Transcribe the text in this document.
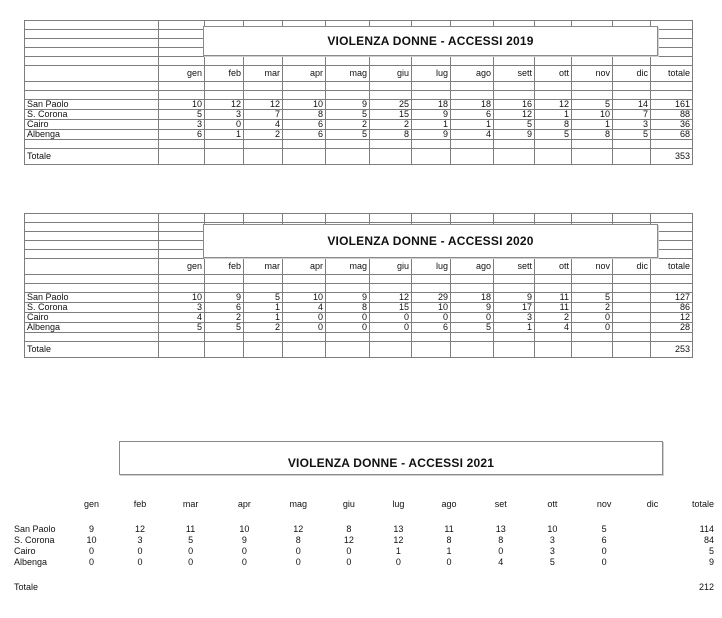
	gen	feb	mar	apr	mag	giu	lug	ago	sett	ott	nov	dic	totale

San Paolo	10	12	12	10	9	25	18	18	16	12	5	14	161
S. Corona	5	3	7	8	5	15	9	6	12	1	10	7	88
Cairo	3	0	4	6	2	2	1	1	5	8	1	3	36
Albenga	6	1	2	6	5	8	9	4	9	5	8	5	68

Totale													353
VIOLENZA DONNE - ACCESSI 2019

	gen	feb	mar	apr	mag	giu	lug	ago	sett	ott	nov	dic	totale

San Paolo	10	9	5	10	9	12	29	18	9	11	5		127
S. Corona	3	6	1	4	8	15	10	9	17	11	2		86
Cairo	4	2	1	0	0	0	0	0	3	2	0		12
Albenga	5	5	2	0	0	0	6	5	1	4	0		28

Totale													253
VIOLENZA DONNE - ACCESSI 2020
VIOLENZA DONNE - ACCESSI 2021
	gen	feb	mar	apr	mag	giu	lug	ago	set	ott	nov	dic	totale

San Paolo	9	12	11	10	12	8	13	11	13	10	5		114
S. Corona	10	3	5	9	8	12	12	8	8	3	6		84
Cairo	0	0	0	0	0	0	1	1	0	3	0		5
Albenga	0	0	0	0	0	0	0	0	4	5	0		9

Totale													212
